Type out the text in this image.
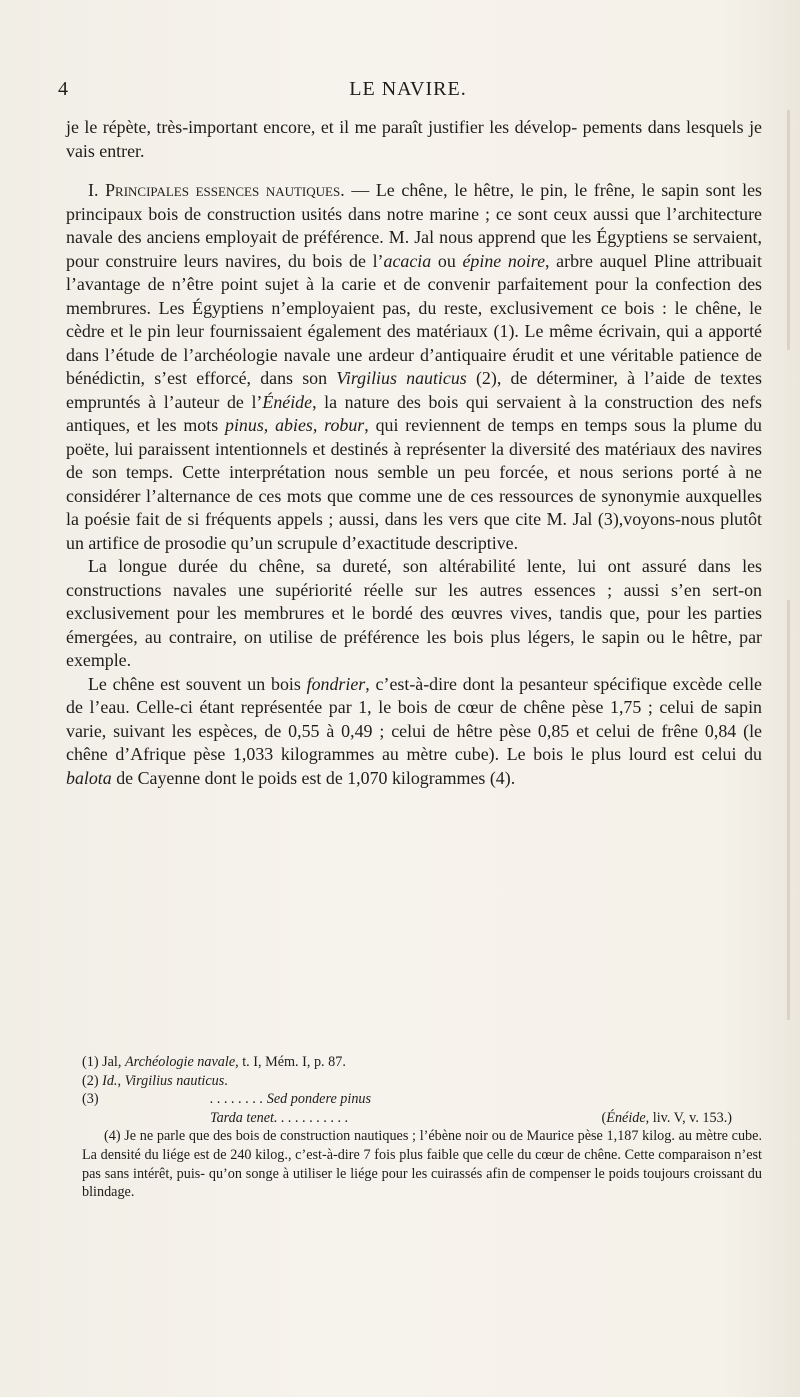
4	LE NAVIRE.

je le répète, très-important encore, et il me paraît justifier les dévelop- pements dans lesquels je vais entrer.

I. Principales essences nautiques. — Le chêne, le hêtre, le pin, le frêne, le sapin sont les principaux bois de construction usités dans notre marine ; ce sont ceux aussi que l’architecture navale des anciens employait de préférence. M. Jal nous apprend que les Égyptiens se servaient, pour construire leurs navires, du bois de l’acacia ou épine noire, arbre auquel Pline attribuait l’avantage de n’être point sujet à la carie et de convenir parfaitement pour la confection des membrures. Les Égyptiens n’employaient pas, du reste, exclusivement ce bois : le chêne, le cèdre et le pin leur fournissaient également des matériaux (1). Le même écrivain, qui a apporté dans l’étude de l’archéologie navale une ardeur d’antiquaire érudit et une véritable patience de bénédictin, s’est efforcé, dans son Virgilius nauticus (2), de déterminer, à l’aide de textes empruntés à l’auteur de l’Énéide, la nature des bois qui servaient à la construction des nefs antiques, et les mots pinus, abies, robur, qui reviennent de temps en temps sous la plume du poëte, lui paraissent intentionnels et destinés à représenter la diversité des matériaux des navires de son temps. Cette interprétation nous semble un peu forcée, et nous serions porté à ne considérer l’alternance de ces mots que comme une de ces ressources de synonymie auxquelles la poésie fait de si fréquents appels ; aussi, dans les vers que cite M. Jal (3),voyons-nous plutôt un artifice de prosodie qu’un scrupule d’exactitude descriptive.

La longue durée du chêne, sa dureté, son altérabilité lente, lui ont assuré dans les constructions navales une supériorité réelle sur les autres essences ; aussi s’en sert-on exclusivement pour les membrures et le bordé des œuvres vives, tandis que, pour les parties émergées, au contraire, on utilise de préférence les bois plus légers, le sapin ou le hêtre, par exemple.

Le chêne est souvent un bois fondrier, c’est-à-dire dont la pesanteur spécifique excède celle de l’eau. Celle-ci étant représentée par 1, le bois de cœur de chêne pèse 1,75 ; celui de sapin varie, suivant les espèces, de 0,55 à 0,49 ; celui de hêtre pèse 0,85 et celui de frêne 0,84 (le chêne d’Afrique pèse 1,033 kilogrammes au mètre cube). Le bois le plus lourd est celui du balota de Cayenne dont le poids est de 1,070 kilogrammes (4).

(1) Jal, Archéologie navale, t. I, Mém. I, p. 87.

(2) Id., Virgilius nauticus.

(3)	. . . . . . . . Sed pondere pinus
Tarda tenet. . . . . . . . . . .	(Énéide, liv. V, v. 153.)

(4) Je ne parle que des bois de construction nautiques ; l’ébène noir ou de Maurice pèse 1,187 kilog. au mètre cube. La densité du liége est de 240 kilog., c’est-à-dire 7 fois plus faible que celle du cœur de chêne. Cette comparaison n’est pas sans intérêt, puis- qu’on songe à utiliser le liége pour les cuirassés afin de compenser le poids toujours croissant du blindage.
